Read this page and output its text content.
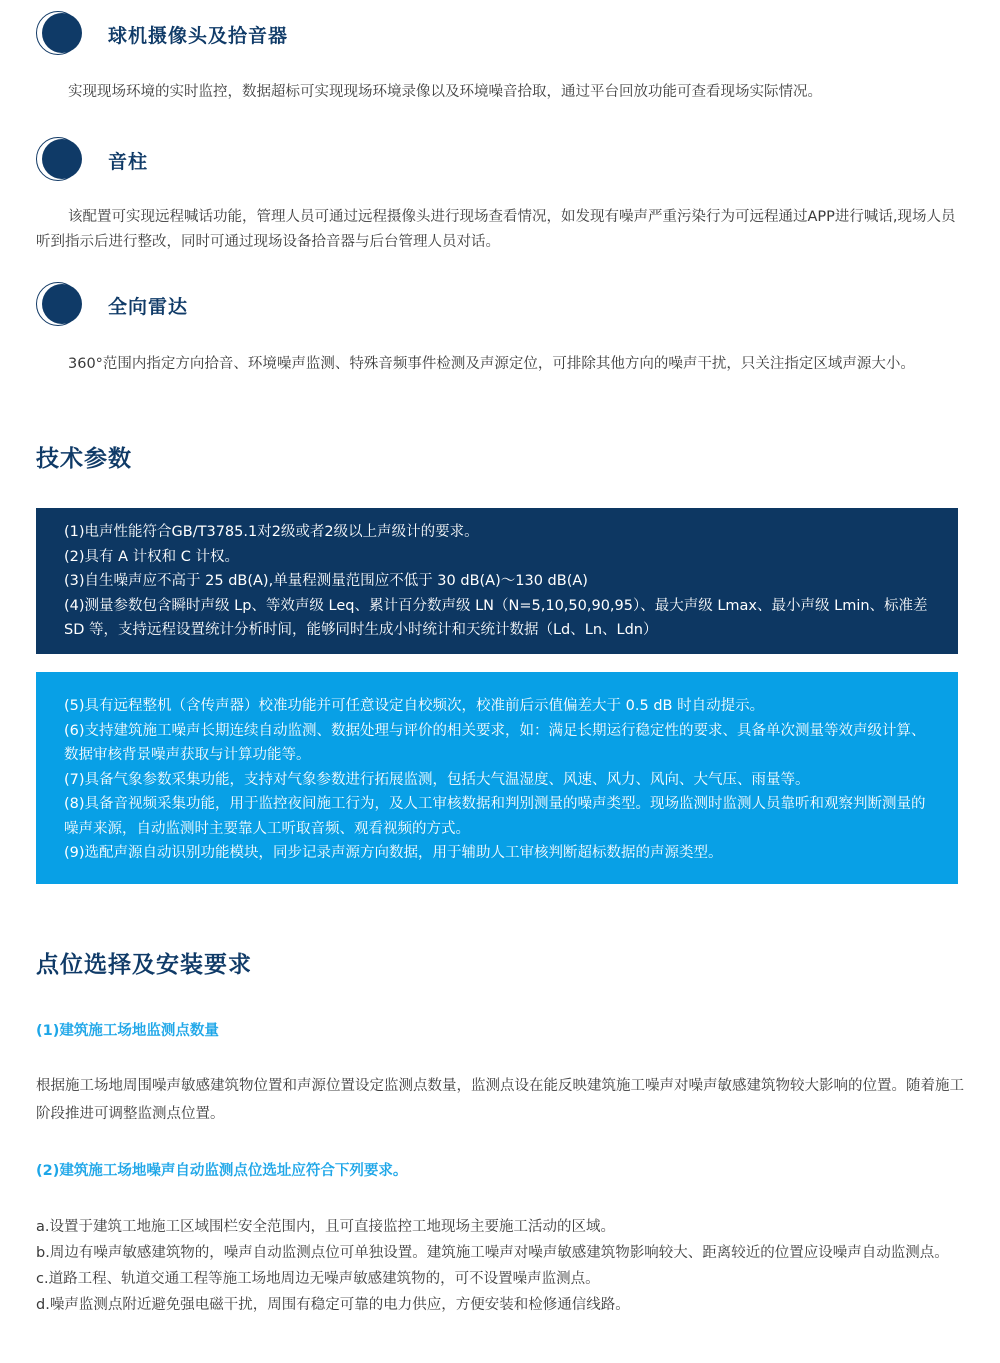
球机摄像头及拾音器
实现现场环境的实时监控，数据超标可实现现场环境录像以及环境噪音拾取，通过平台回放功能可查看现场实际情况。
音柱
该配置可实现远程喊话功能，管理人员可通过远程摄像头进行现场查看情况，如发现有噪声严重污染行为可远程通过APP进行喊话,现场人员听到指示后进行整改，同时可通过现场设备拾音器与后台管理人员对话。
全向雷达
360°范围内指定方向拾音、环境噪声监测、特殊音频事件检测及声源定位，可排除其他方向的噪声干扰，只关注指定区域声源大小。
技术参数

(1)电声性能符合GB/T3785.1对2级或者2级以上声级计的要求。

(2)具有 A 计权和 C 计权。

(3)自生噪声应不高于 25 dB(A),单量程测量范围应不低于 30 dB(A)～130 dB(A)

(4)测量参数包含瞬时声级 Lp、等效声级 Leq、累计百分数声级 LN（N=5,10,50,90,95）、最大声级 Lmax、最小声级 Lmin、标准差 SD 等，支持远程设置统计分析时间，能够同时生成小时统计和天统计数据（Ld、Ln、Ldn）

(5)具有远程整机（含传声器）校准功能并可任意设定自校频次，校准前后示值偏差大于 0.5 dB 时自动提示。

(6)支持建筑施工噪声长期连续自动监测、数据处理与评价的相关要求，如：满足长期运行稳定性的要求、具备单次测量等效声级计算、数据审核背景噪声获取与计算功能等。

(7)具备气象参数采集功能，支持对气象参数进行拓展监测，包括大气温湿度、风速、风力、风向、大气压、雨量等。

(8)具备音视频采集功能，用于监控夜间施工行为，及人工审核数据和判别测量的噪声类型。现场监测时监测人员靠听和观察判断测量的噪声来源，自动监测时主要靠人工听取音频、观看视频的方式。

(9)选配声源自动识别功能模块，同步记录声源方向数据，用于辅助人工审核判断超标数据的声源类型。

点位选择及安装要求
(1)建筑施工场地监测点数量
根据施工场地周围噪声敏感建筑物位置和声源位置设定监测点数量，监测点设在能反映建筑施工噪声对噪声敏感建筑物较大影响的位置。随着施工阶段推进可调整监测点位置。
(2)建筑施工场地噪声自动监测点位选址应符合下列要求。

a.设置于建筑工地施工区域围栏安全范围内，且可直接监控工地现场主要施工活动的区域。

b.周边有噪声敏感建筑物的，噪声自动监测点位可单独设置。建筑施工噪声对噪声敏感建筑物影响较大、距离较近的位置应设噪声自动监测点。

c.道路工程、轨道交通工程等施工场地周边无噪声敏感建筑物的，可不设置噪声监测点。

d.噪声监测点附近避免强电磁干扰，周围有稳定可靠的电力供应，方便安装和检修通信线路。
